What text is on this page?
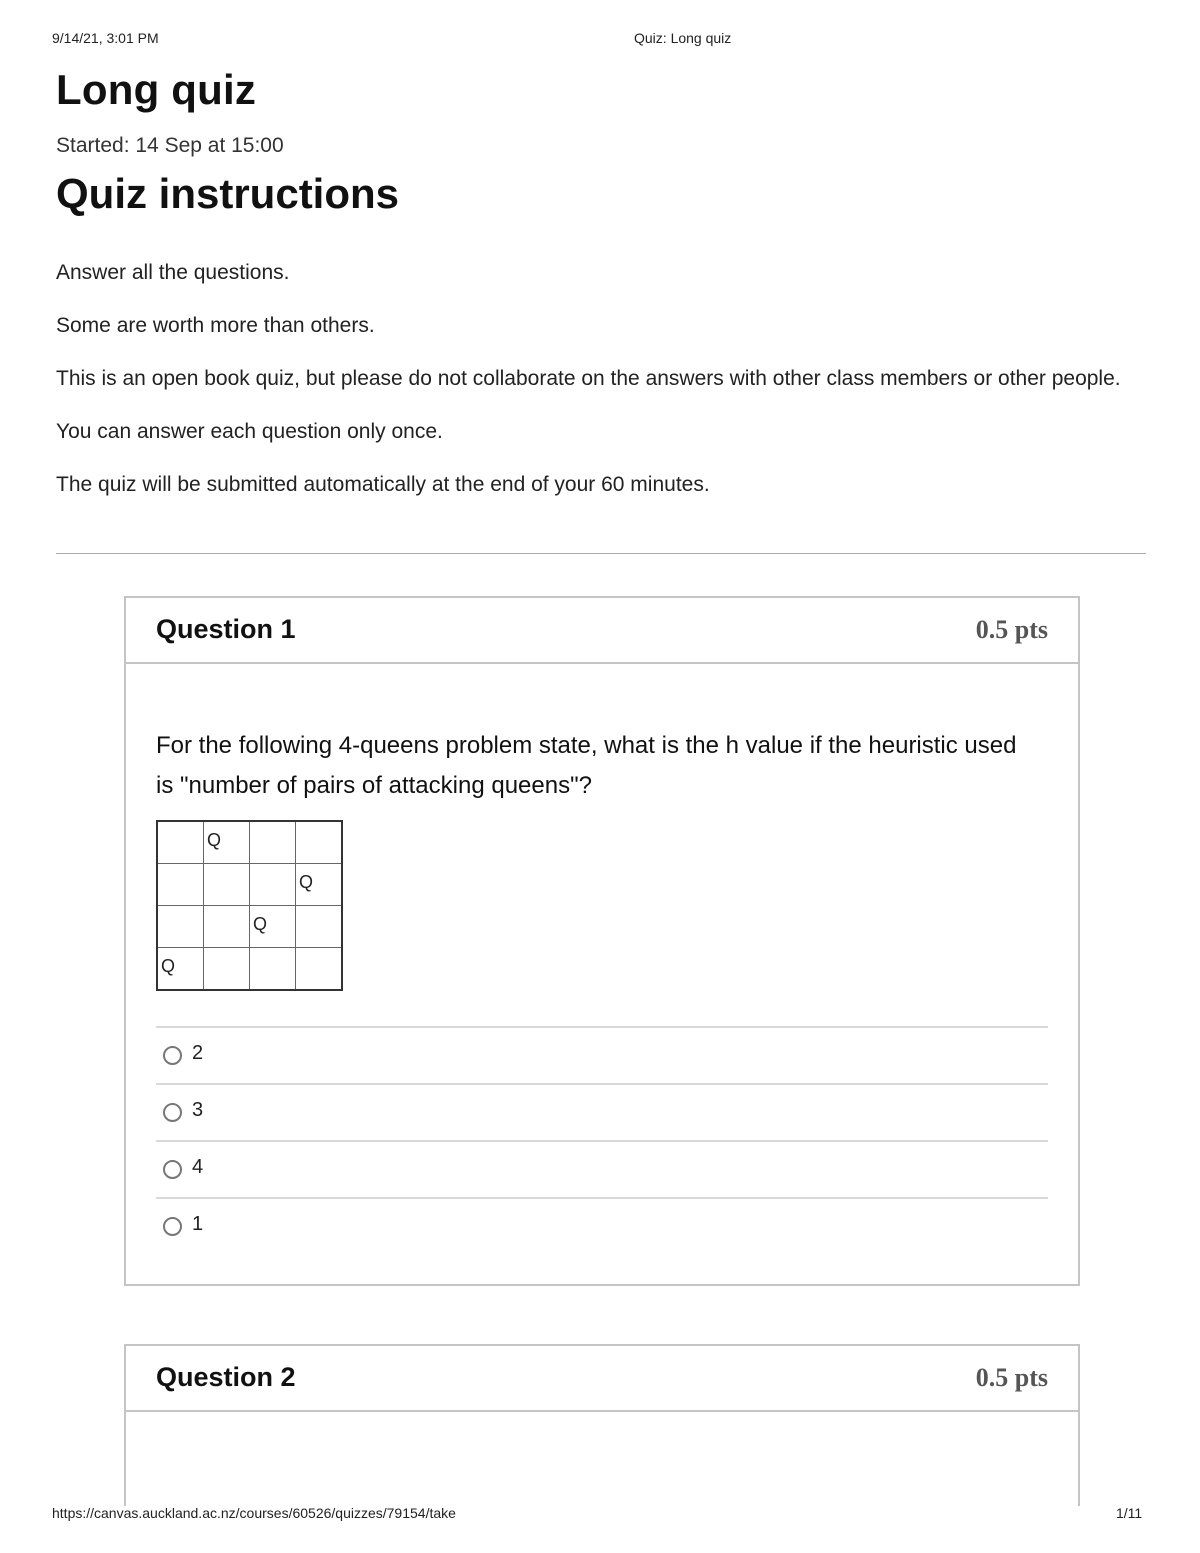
9/14/21, 3:01 PM	Quiz: Long quiz
Long quiz
Started: 14 Sep at 15:00
Quiz instructions

Answer all the questions.

Some are worth more than others.

This is an open book quiz, but please do not collaborate on the answers with other class members or other people.

You can answer each question only once.

The quiz will be submitted automatically at the end of your 60 minutes.

Question 1	0.5 pts
For the following 4-queens problem state, what is the h value if the heuristic used is "number of pairs of attacking queens"?
	Q		
			Q
		Q	
Q			
2
3
4
1
Question 2	0.5 pts
https://canvas.auckland.ac.nz/courses/60526/quizzes/79154/take	1/11
